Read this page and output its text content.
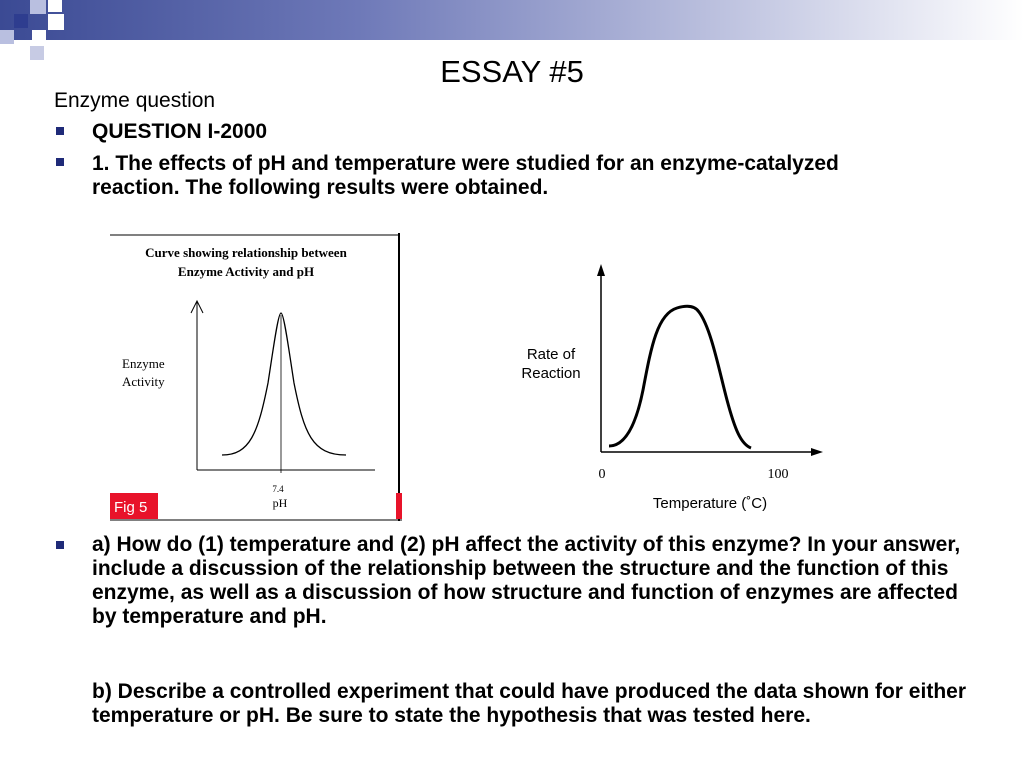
ESSAY #5
Enzyme question
QUESTION I-2000
1. The effects of pH and temperature were studied for an enzyme-catalyzed reaction. The following results were obtained.
Curve showing relationship between
Enzyme Activity and pH
Enzyme
Activity
7.4
pH
Fig 5
Rate of
Reaction
0	100
Temperature (˚C)
a) How do (1) temperature and (2) pH affect the activity of this enzyme? In your answer, include a discussion of the relationship between the structure and the function of this enzyme, as well as a discussion of how structure and function of enzymes are affected by temperature and pH.
b) Describe a controlled experiment that could have produced the data shown for either temperature or pH. Be sure to state the hypothesis that was tested here.
